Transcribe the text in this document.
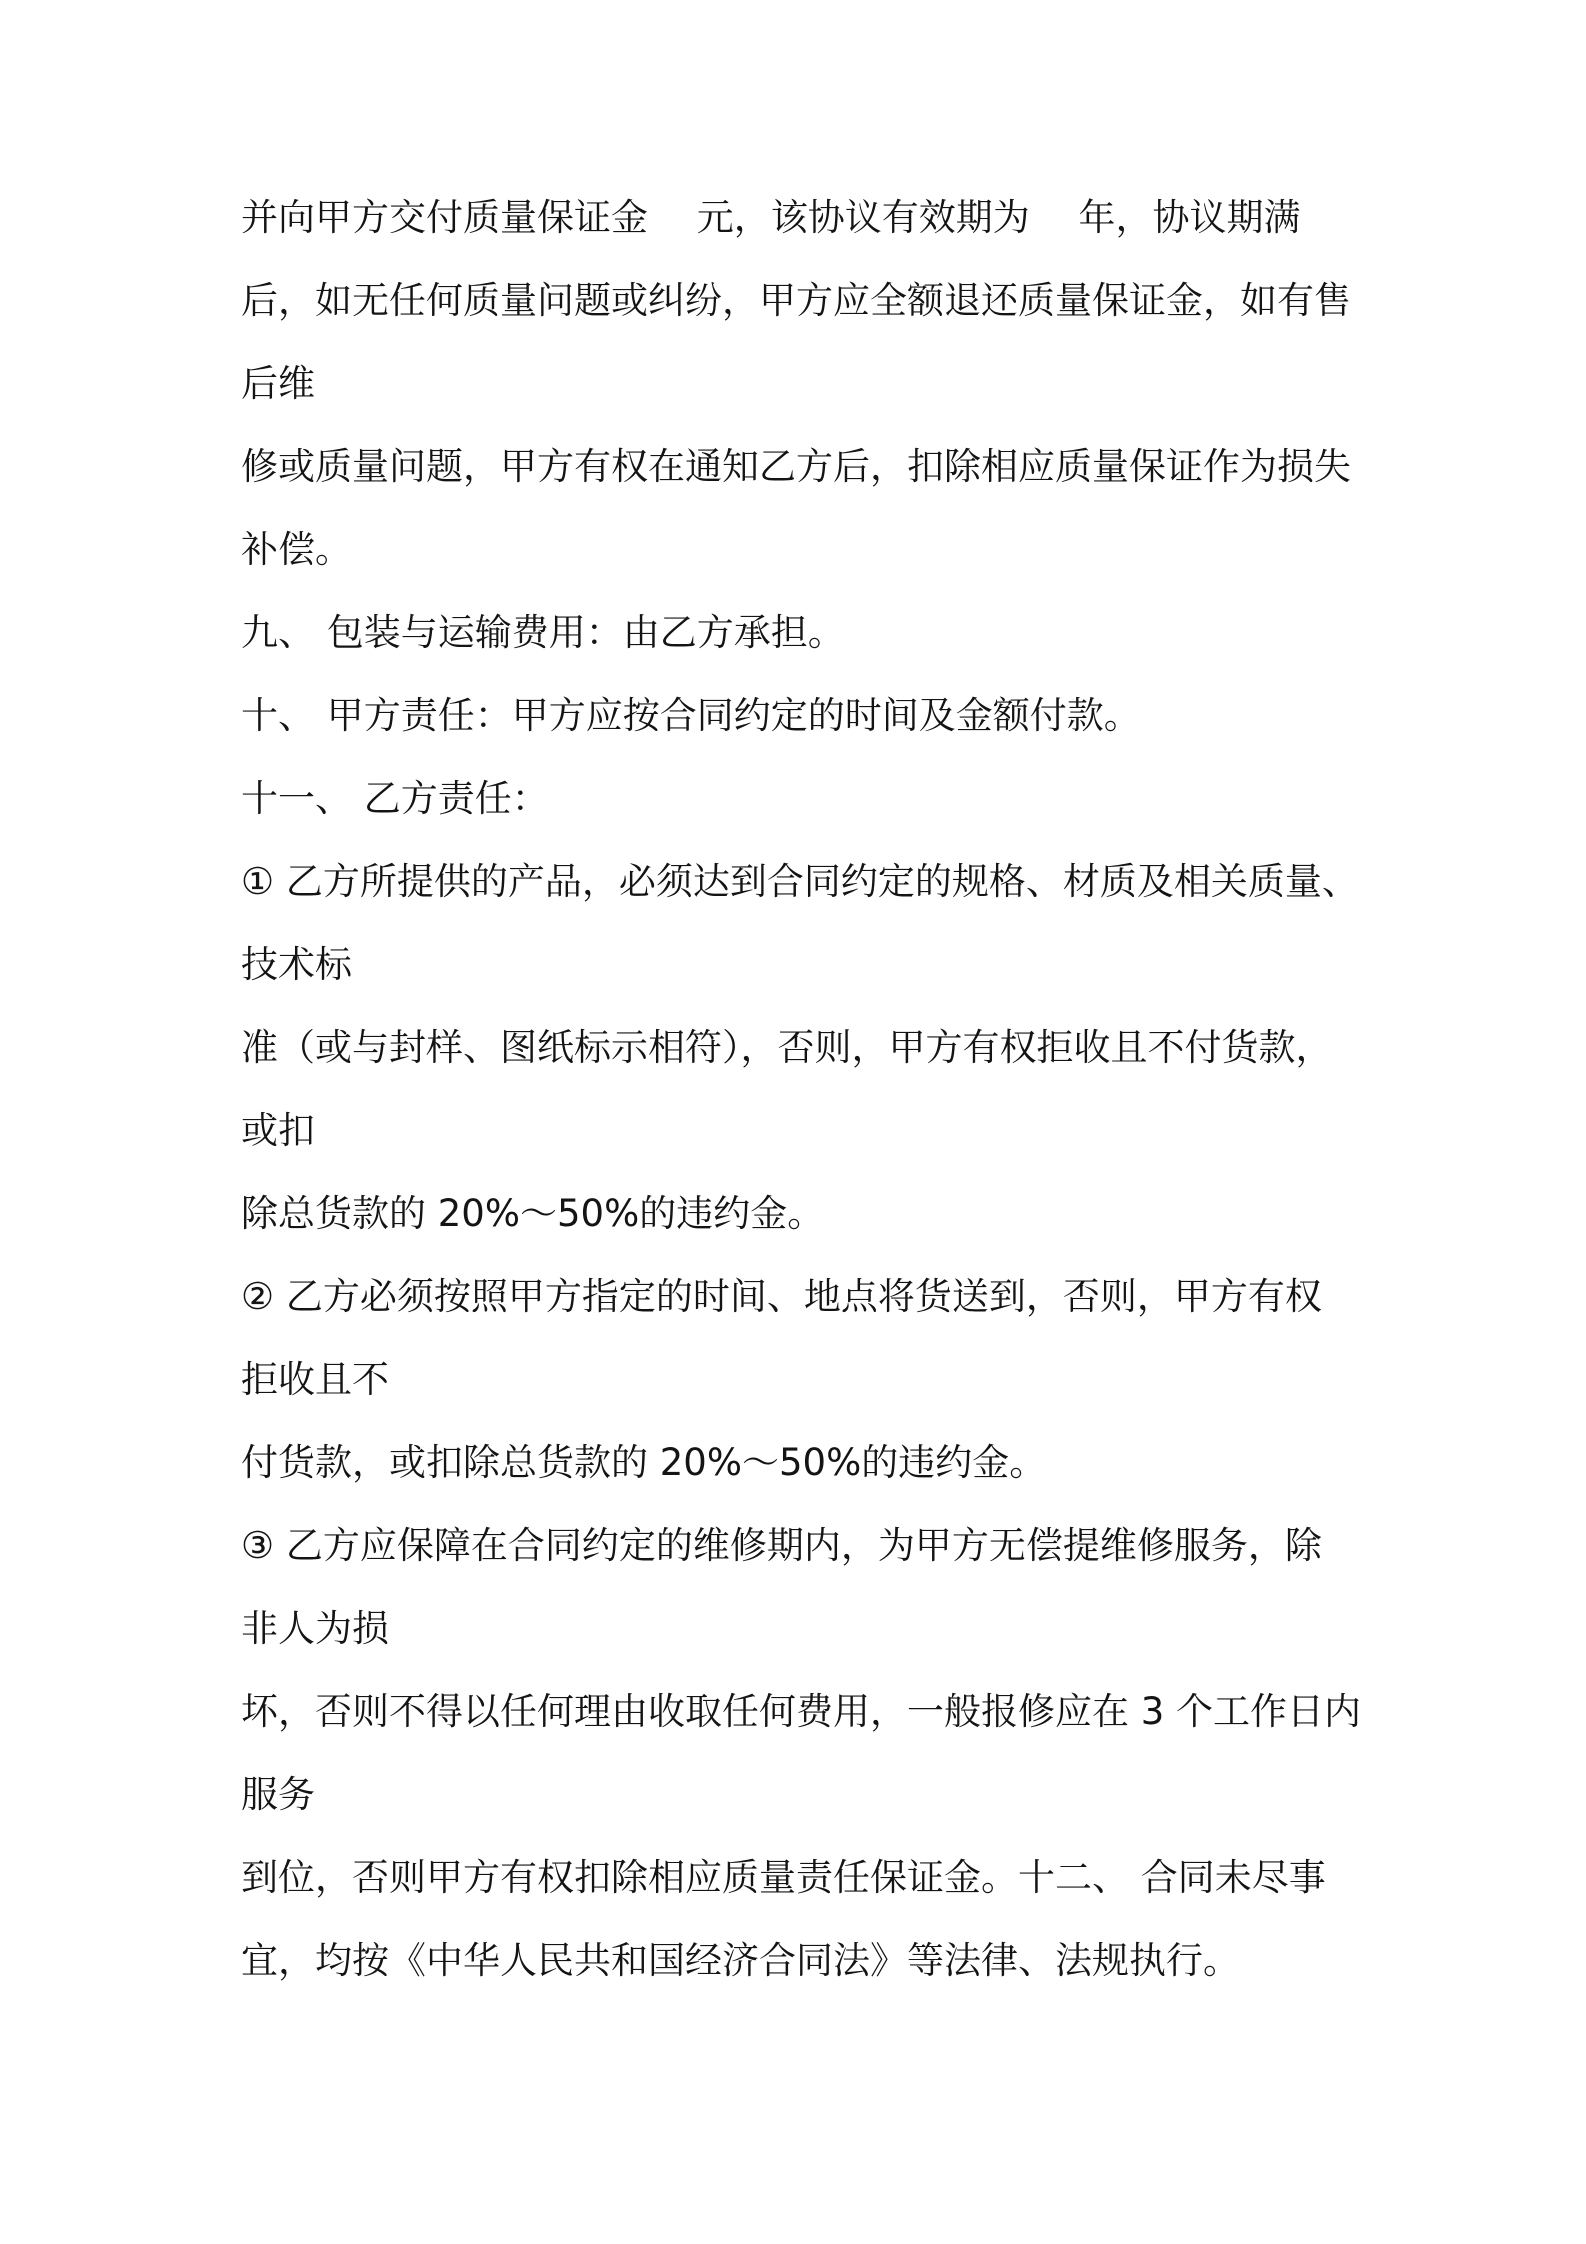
并向甲方交付质量保证金　 元，该协议有效期为　 年，协议期满
后，如无任何质量问题或纠纷，甲方应全额退还质量保证金，如有售
后维
修或质量问题，甲方有权在通知乙方后，扣除相应质量保证作为损失
补偿。
九、 包装与运输费用：由乙方承担。
十、 甲方责任：甲方应按合同约定的时间及金额付款。
十一、 乙方责任：
① 乙方所提供的产品，必须达到合同约定的规格、材质及相关质量、
技术标
准（或与封样、图纸标示相符），否则，甲方有权拒收且不付货款，
或扣
除总货款的 20%～50%的违约金。
② 乙方必须按照甲方指定的时间、地点将货送到，否则，甲方有权
拒收且不
付货款，或扣除总货款的 20%～50%的违约金。
③ 乙方应保障在合同约定的维修期内，为甲方无偿提维修服务，除
非人为损
坏，否则不得以任何理由收取任何费用，一般报修应在 3 个工作日内
服务
到位，否则甲方有权扣除相应质量责任保证金。十二、 合同未尽事
宜，均按《中华人民共和国经济合同法》等法律、法规执行。
